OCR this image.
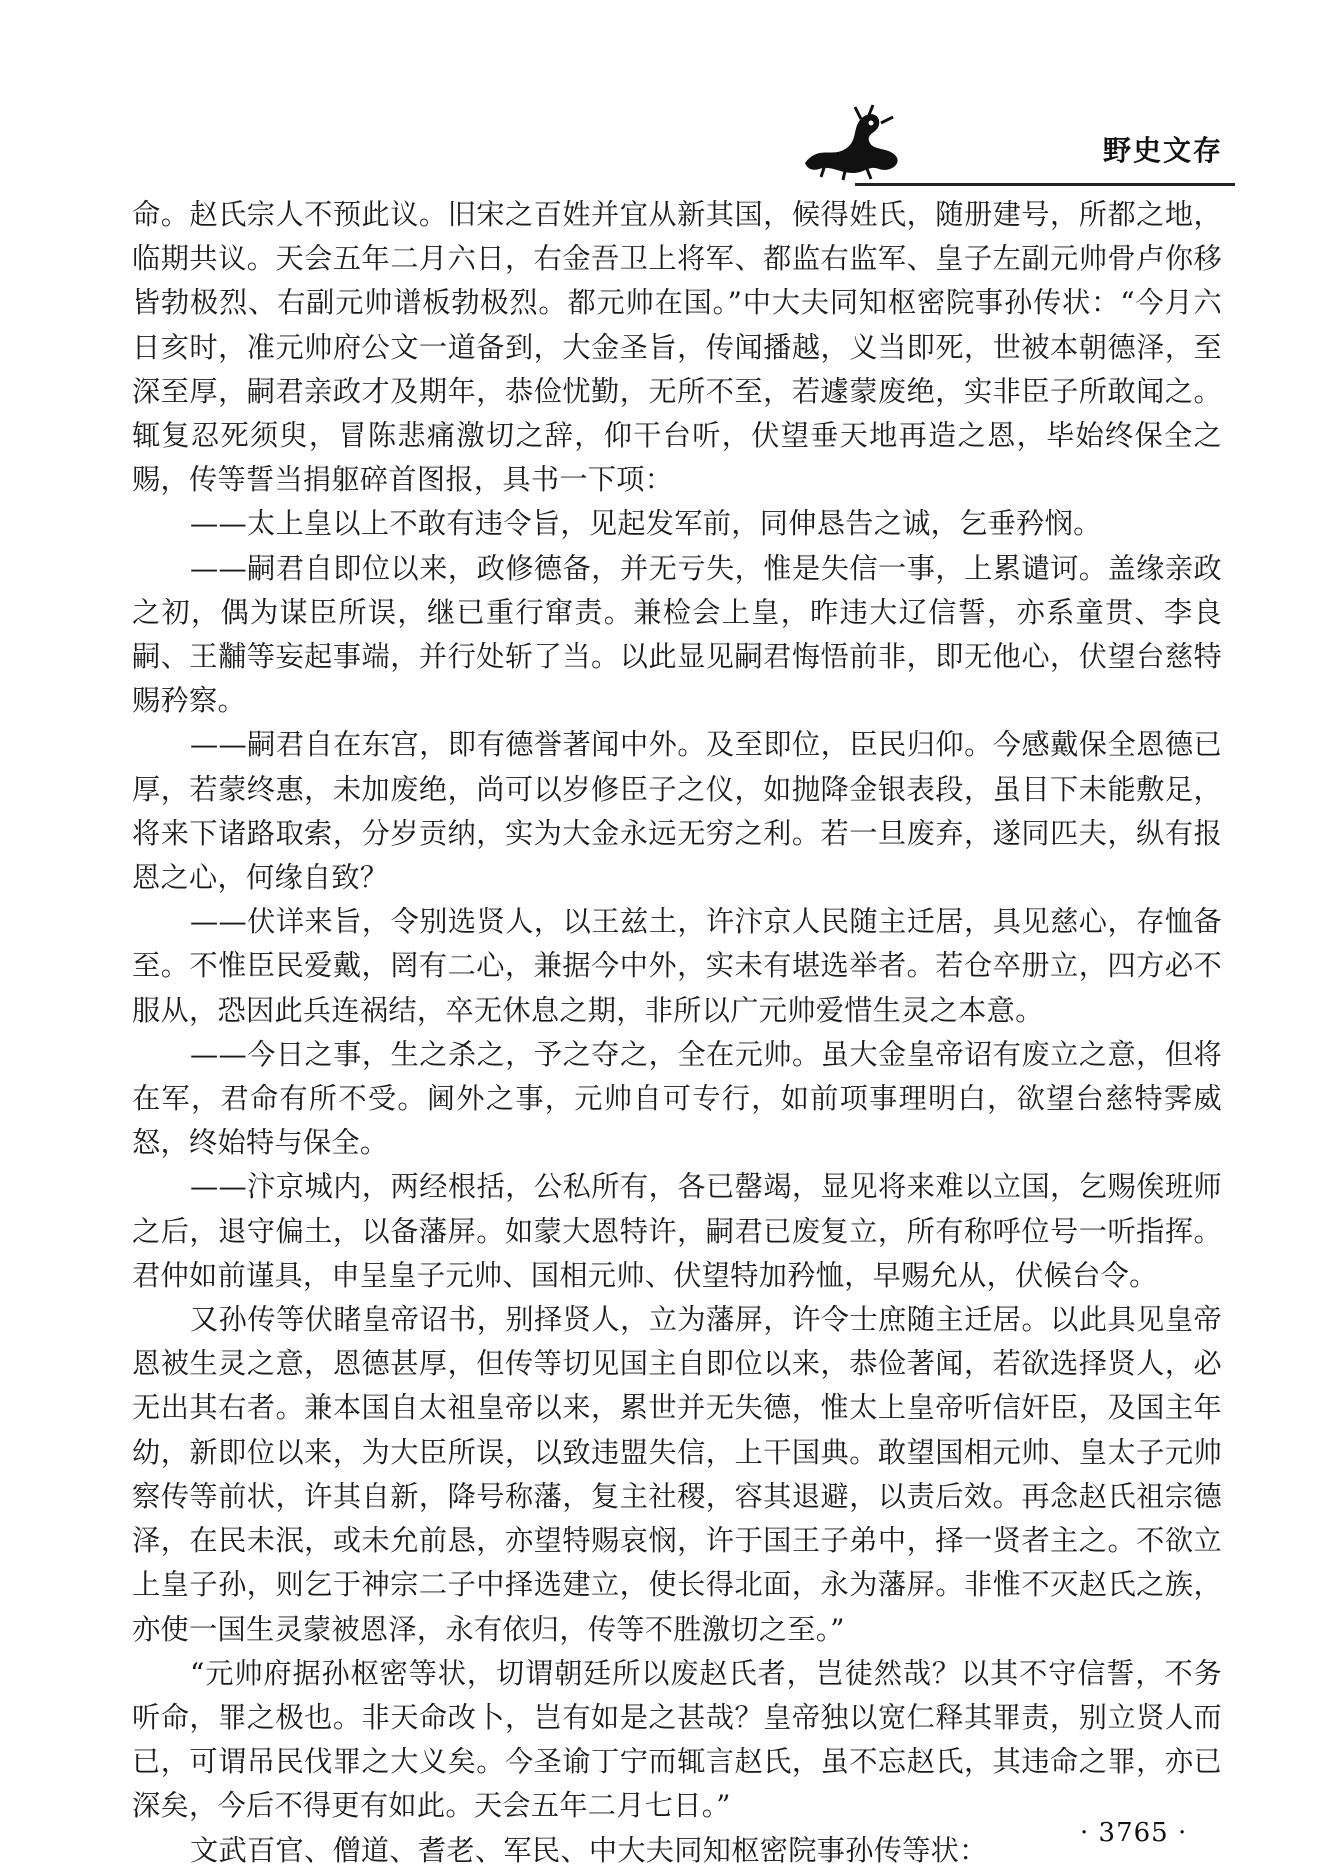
野史文存

命。赵氏宗人不预此议。旧宋之百姓并宜从新其国，候得姓氏，随册建号，所都之地，临期共议。天会五年二月六日，右金吾卫上将军、都监右监军、皇子左副元帅骨卢你移皆勃极烈、右副元帅谱板勃极烈。都元帅在国。”中大夫同知枢密院事孙传状：“今月六日亥时，准元帅府公文一道备到，大金圣旨，传闻播越，义当即死，世被本朝德泽，至深至厚，嗣君亲政才及期年，恭俭忧勤，无所不至，若遽蒙废绝，实非臣子所敢闻之。辄复忍死须臾，冒陈悲痛激切之辞，仰干台听，伏望垂天地再造之恩，毕始终保全之赐，传等誓当捐躯碎首图报，具书一下项：

——太上皇以上不敢有违令旨，见起发军前，同伸恳告之诚，乞垂矜悯。

——嗣君自即位以来，政修德备，并无亏失，惟是失信一事，上累谴诃。盖缘亲政之初，偶为谋臣所误，继已重行窜责。兼检会上皇，昨违大辽信誓，亦系童贯、李良嗣、王黼等妄起事端，并行处斩了当。以此显见嗣君悔悟前非，即无他心，伏望台慈特赐矜察。

——嗣君自在东宫，即有德誉著闻中外。及至即位，臣民归仰。今感戴保全恩德已厚，若蒙终惠，未加废绝，尚可以岁修臣子之仪，如抛降金银表段，虽目下未能敷足，将来下诸路取索，分岁贡纳，实为大金永远无穷之利。若一旦废弃，遂同匹夫，纵有报恩之心，何缘自致？

——伏详来旨，令别选贤人，以王兹土，许汴京人民随主迁居，具见慈心，存恤备至。不惟臣民爱戴，罔有二心，兼据今中外，实未有堪选举者。若仓卒册立，四方必不服从，恐因此兵连祸结，卒无休息之期，非所以广元帅爱惜生灵之本意。

——今日之事，生之杀之，予之夺之，全在元帅。虽大金皇帝诏有废立之意，但将在军，君命有所不受。阃外之事，元帅自可专行，如前项事理明白，欲望台慈特霁威怒，终始特与保全。

——汴京城内，两经根括，公私所有，各已罄竭，显见将来难以立国，乞赐俟班师之后，退守偏土，以备藩屏。如蒙大恩特许，嗣君已废复立，所有称呼位号一听指挥。君仲如前谨具，申呈皇子元帅、国相元帅、伏望特加矜恤，早赐允从，伏候台令。

又孙传等伏睹皇帝诏书，别择贤人，立为藩屏，许令士庶随主迁居。以此具见皇帝恩被生灵之意，恩德甚厚，但传等切见国主自即位以来，恭俭著闻，若欲选择贤人，必无出其右者。兼本国自太祖皇帝以来，累世并无失德，惟太上皇帝听信奸臣，及国主年幼，新即位以来，为大臣所误，以致违盟失信，上干国典。敢望国相元帅、皇太子元帅察传等前状，许其自新，降号称藩，复主社稷，容其退避，以责后效。再念赵氏祖宗德泽，在民未泯，或未允前恳，亦望特赐哀悯，许于国王子弟中，择一贤者主之。不欲立上皇子孙，则乞于神宗二子中择选建立，使长得北面，永为藩屏。非惟不灭赵氏之族，亦使一国生灵蒙被恩泽，永有依归，传等不胜激切之至。”

“元帅府据孙枢密等状，切谓朝廷所以废赵氏者，岂徒然哉？以其不守信誓，不务听命，罪之极也。非天命改卜，岂有如是之甚哉？皇帝独以宽仁释其罪责，别立贤人而已，可谓吊民伐罪之大义矣。今圣谕丁宁而辄言赵氏，虽不忘赵氏，其违命之罪，亦已深矣，今后不得更有如此。天会五年二月七日。”

文武百官、僧道、耆老、军民、中大夫同知枢密院事孙传等状：

· 3765 ·
